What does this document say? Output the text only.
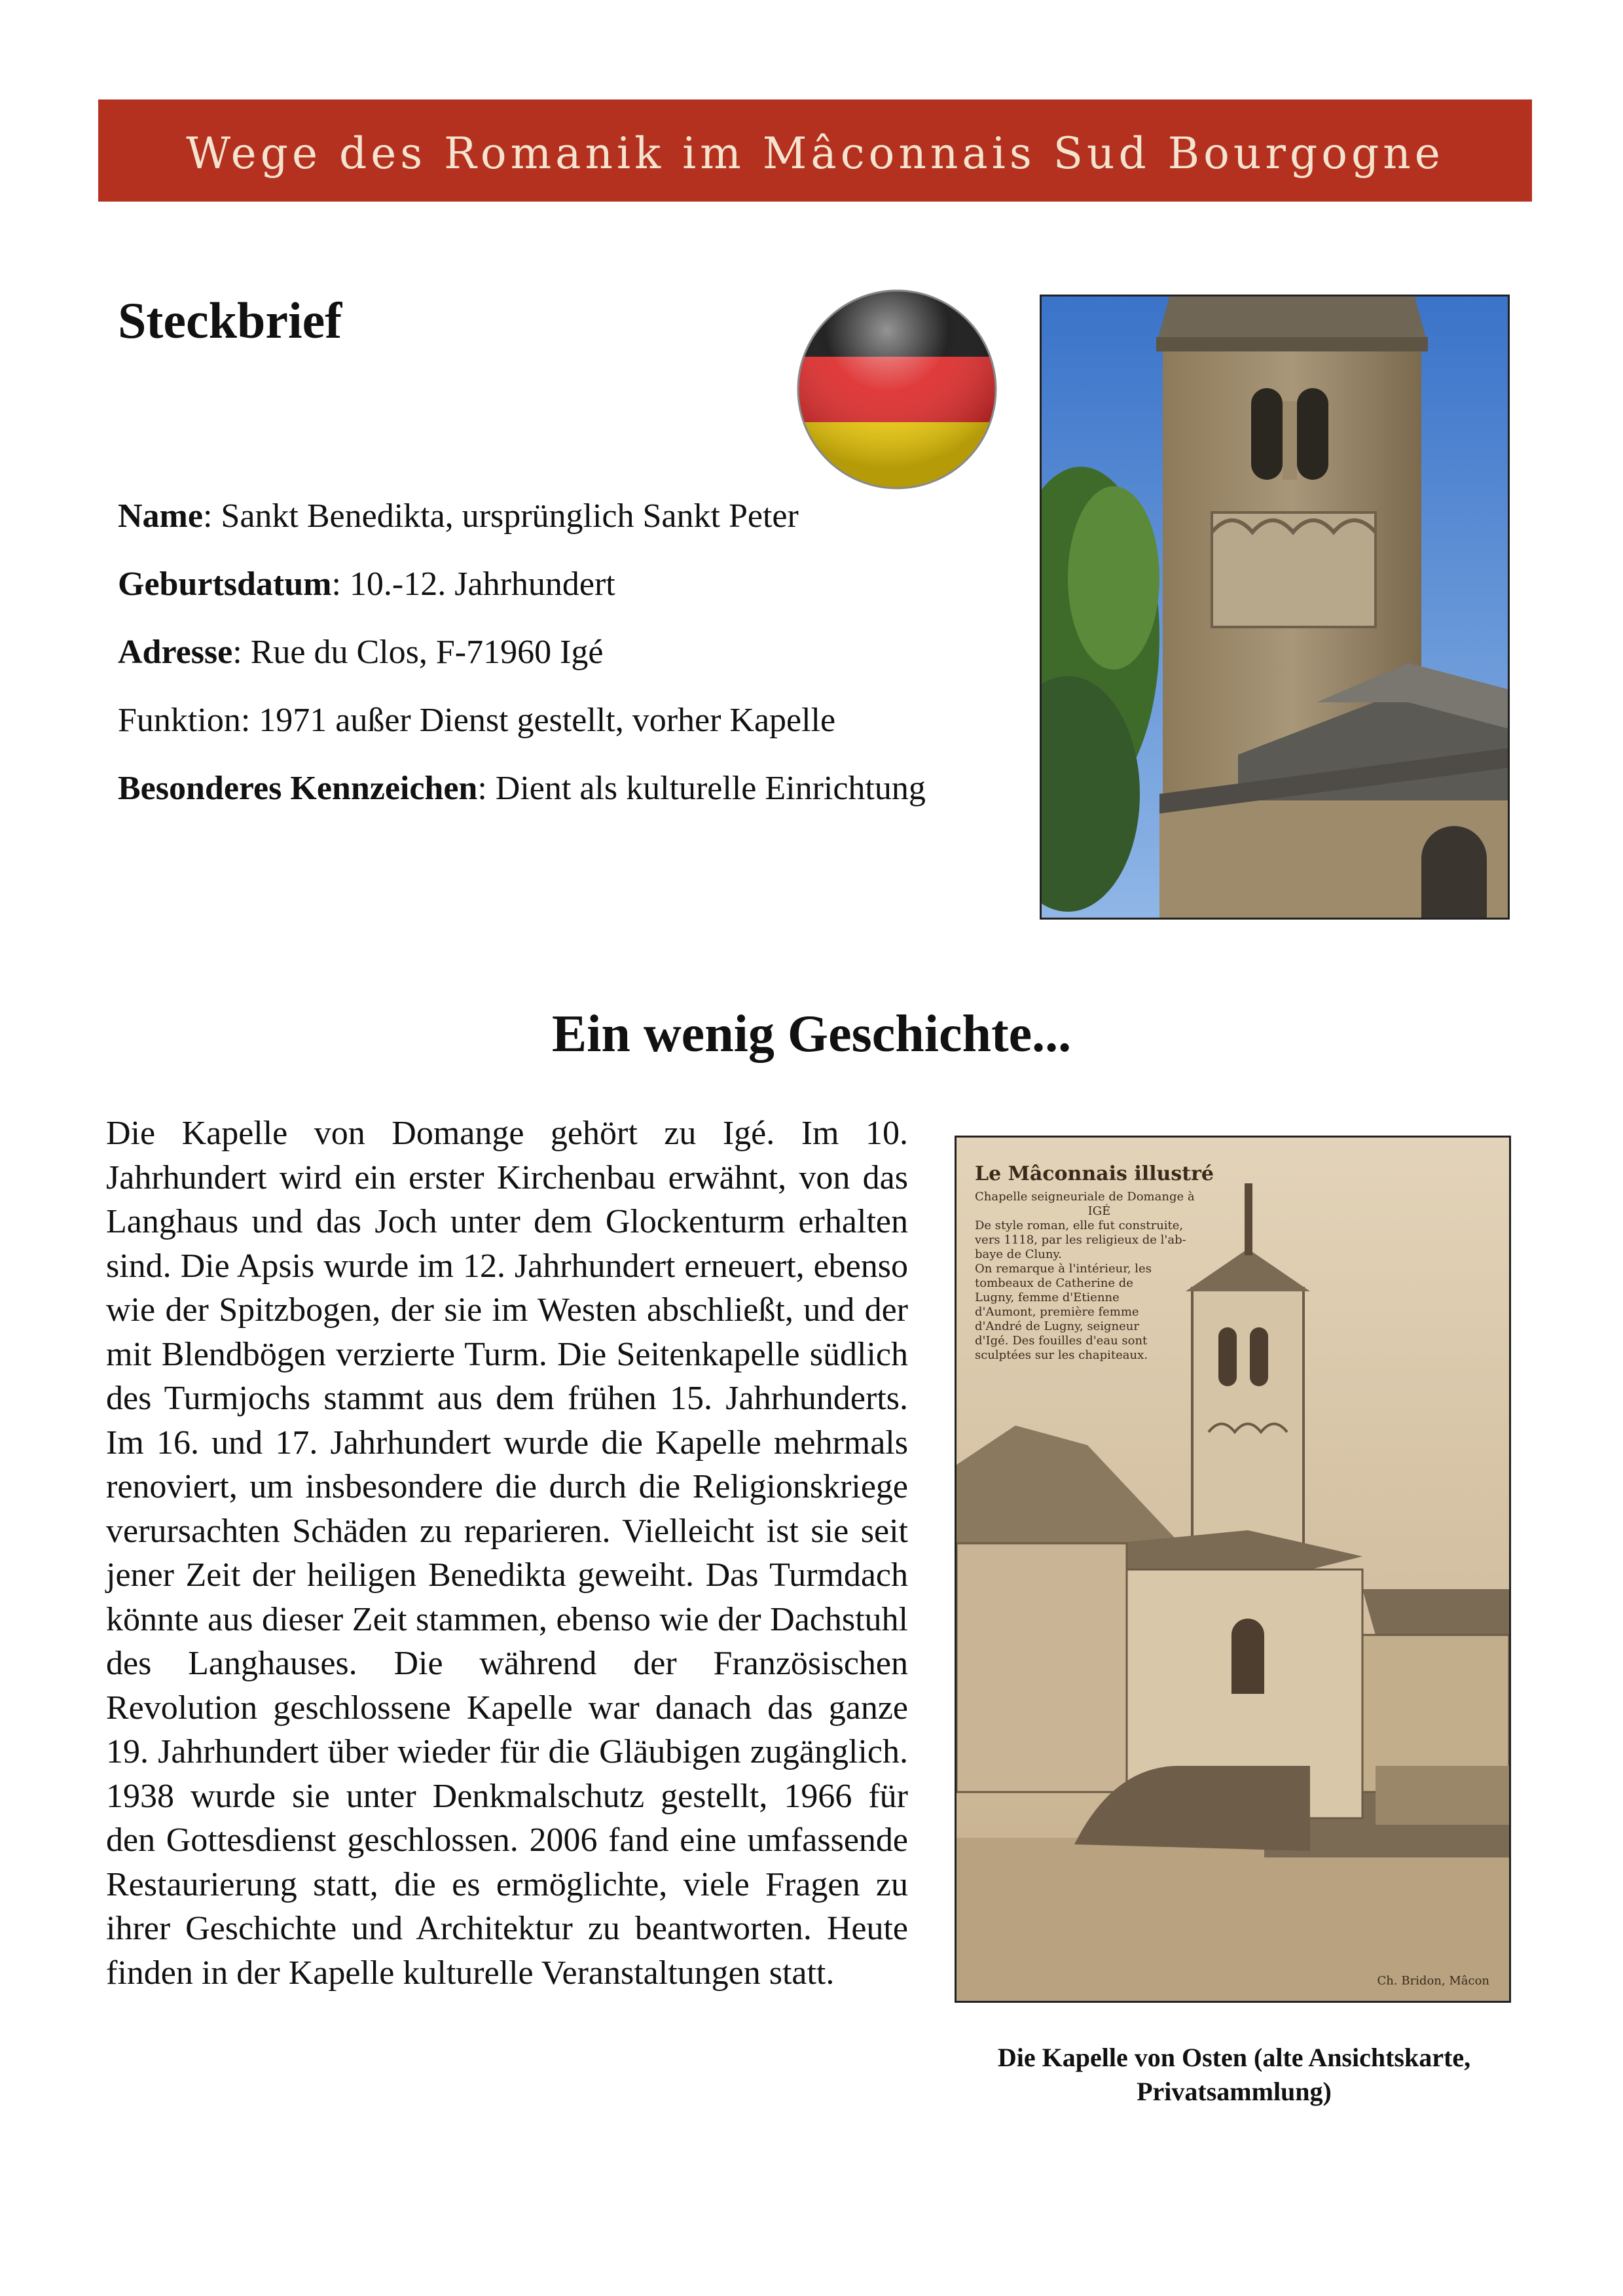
Wege des Romanik im Mâconnais Sud Bourgogne
Steckbrief

Name: Sankt Benedikta, ursprünglich Sankt Peter

Geburtsdatum: 10.-12. Jahrhundert

Adresse: Rue du Clos, F-71960 Igé

Funktion: 1971 außer Dienst gestellt, vorher Kapelle

Besonderes Kennzeichen: Dient als kulturelle Einrichtung

Ein wenig Geschichte...

Die Kapelle von Domange gehört zu Igé. Im 10. Jahrhundert wird ein erster Kirchenbau erwähnt, von das Langhaus und das Joch unter dem Glockenturm erhalten sind. Die Apsis wurde im 12. Jahrhundert erneuert, ebenso wie der Spitzbogen, der sie im Westen abschließt, und der mit Blendbögen verzierte Turm. Die Seitenkapelle südlich des Turmjochs stammt aus dem frühen 15. Jahrhunderts. Im 16. und 17. Jahrhundert wurde die Kapelle mehrmals renoviert, um insbesondere die durch die Religionskriege verursachten Schäden zu reparieren. Vielleicht ist sie seit jener Zeit der heiligen Benedikta geweiht. Das Turmdach könnte aus dieser Zeit stammen, ebenso wie der Dachstuhl des Langhauses. Die während der Französischen Revolution geschlossene Kapelle war danach das ganze 19. Jahrhundert über wieder für die Gläubigen zugänglich. 1938 wurde sie unter Denkmalschutz gestellt, 1966 für den Gottesdienst geschlossen. 2006 fand eine umfassende Restaurierung statt, die es ermöglichte, viele Fragen zu ihrer Geschichte und Architektur zu beantworten. Heute finden in der Kapelle kulturelle Veranstaltungen statt.

Le Mâconnais illustré
Chapelle seigneuriale de Domange à
IGÉ
De style roman, elle fut construite,
vers 1118, par les religieux de l'ab-
baye de Cluny.
On remarque à l'intérieur, les
tombeaux de Catherine de
Lugny, femme d'Etienne
d'Aumont, première femme
d'André de Lugny, seigneur
d'Igé. Des fouilles d'eau sont
sculptées sur les chapiteaux.
Ch. Bridon, Mâcon
Die Kapelle von Osten (alte Ansichtskarte, Privatsammlung)
